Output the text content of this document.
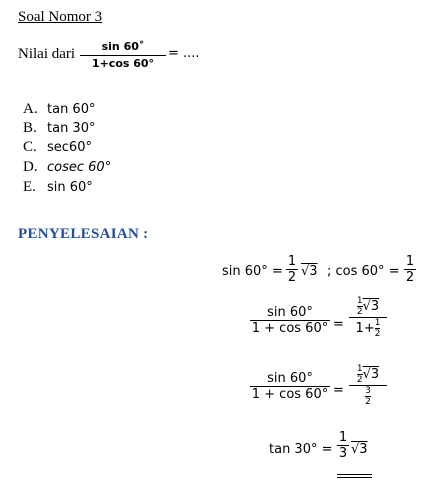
Soal Nomor 3
Nilai dari	sin 60˚
1+cos 60°
= ....
A. tan 60°
B. tan 30°
C. sec60°
D. cosec 60°
E. sin 60°
PENYELESAIAN :
sin 60° =
1
2 √3 ; cos 60° =
1
2
sin 60°
1 + cos 60° =
$\frac{1}{2} √3$
$1+ \frac{1}{2}$
sin 60°
1 + cos 60° =
$\frac{1}{2} √3$
$\frac{3}{2}$
tan 30° =
1
3 √3
